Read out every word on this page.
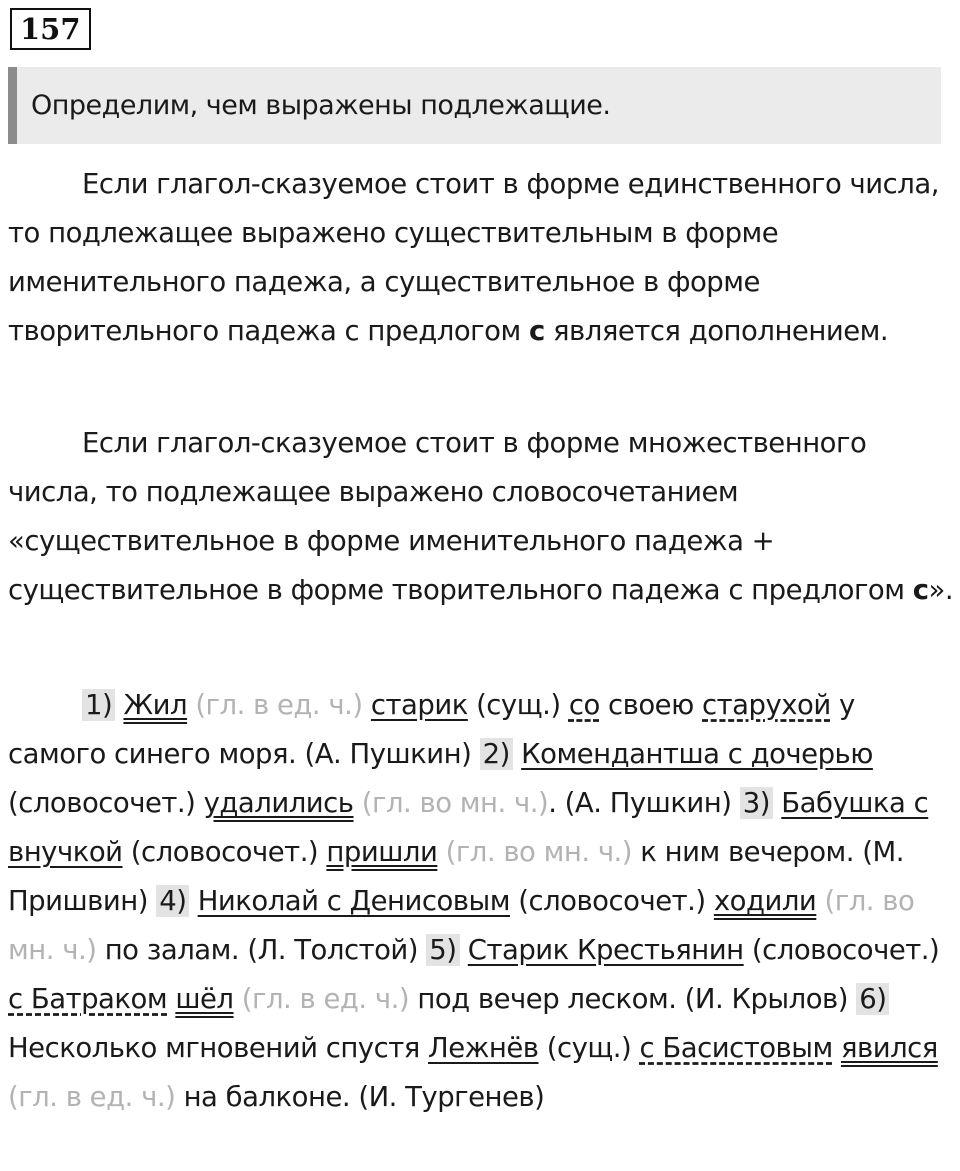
157
Определим, чем выражены подлежащие.

Если глагол-сказуемое стоит в форме единственного числа, то подлежащее выражено существительным в форме именительного падежа, а существительное в форме творительного падежа с предлогом с является дополнением.

Если глагол-сказуемое стоит в форме множественного числа, то подлежащее выражено словосочетанием «существительное в форме именительного падежа + существительное в форме творительного падежа с предлогом с».

1) Жил (гл. в ед. ч.) старик (сущ.) со своею старухой у самого синего моря. (А. Пушкин) 2) Комендантша с дочерью (словосочет.) удалились (гл. во мн. ч.). (А. Пушкин) 3) Бабушка с внучкой (словосочет.) пришли (гл. во мн. ч.) к ним вечером. (М. Пришвин) 4) Николай с Денисовым (словосочет.) ходили (гл. во мн. ч.) по залам. (Л. Толстой) 5) Старик Крестьянин (словосочет.) с Батраком шёл (гл. в ед. ч.) под вечер леском. (И. Крылов) 6) Несколько мгновений спустя Лежнёв (сущ.) с Басистовым явился (гл. в ед. ч.) на балконе. (И. Тургенев)
